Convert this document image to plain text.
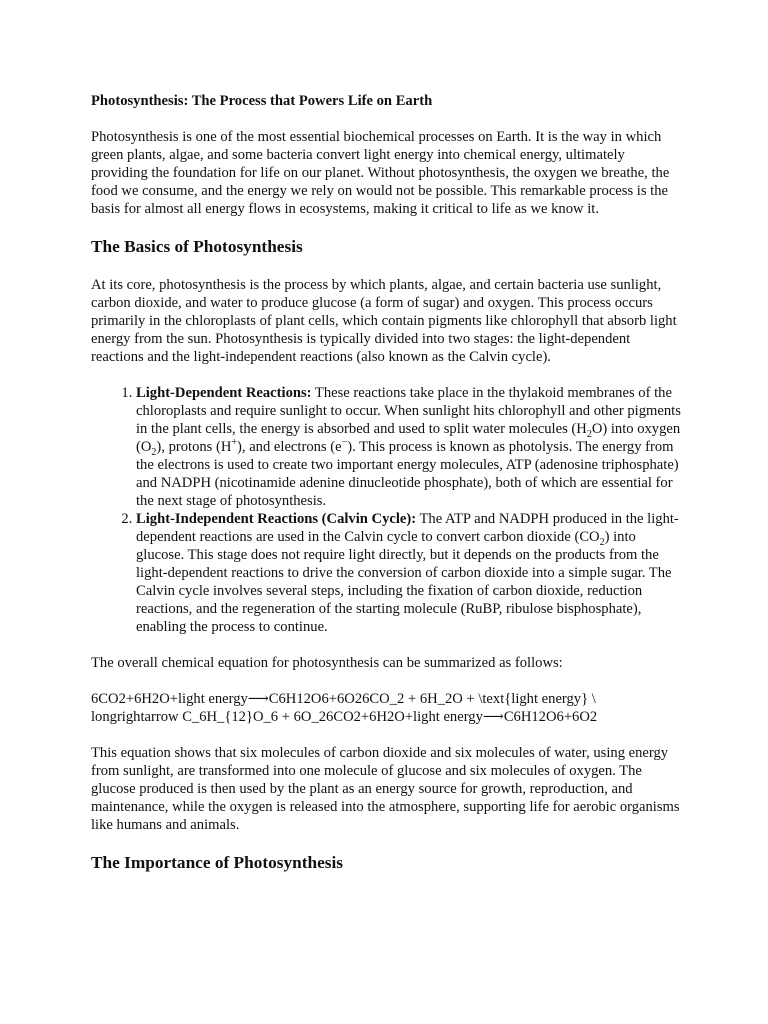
Photosynthesis: The Process that Powers Life on Earth

Photosynthesis is one of the most essential biochemical processes on Earth. It is the way in which green plants, algae, and some bacteria convert light energy into chemical energy, ultimately providing the foundation for life on our planet. Without photosynthesis, the oxygen we breathe, the food we consume, and the energy we rely on would not be possible. This remarkable process is the basis for almost all energy flows in ecosystems, making it critical to life as we know it.

The Basics of Photosynthesis

At its core, photosynthesis is the process by which plants, algae, and certain bacteria use sunlight, carbon dioxide, and water to produce glucose (a form of sugar) and oxygen. This process occurs primarily in the chloroplasts of plant cells, which contain pigments like chlorophyll that absorb light energy from the sun. Photosynthesis is typically divided into two stages: the light-dependent reactions and the light-independent reactions (also known as the Calvin cycle).

1. Light-Dependent Reactions: These reactions take place in the thylakoid membranes of the chloroplasts and require sunlight to occur. When sunlight hits chlorophyll and other pigments in the plant cells, the energy is absorbed and used to split water molecules $(H_2O)$ into oxygen $(O_2)$, protons (H+), and electrons (e−). This process is known as photolysis. The energy from the electrons is used to create two important energy molecules, ATP (adenosine triphosphate) and NADPH (nicotinamide adenine dinucleotide phosphate), both of which are essential for the next stage of photosynthesis.
2. Light-Independent Reactions (Calvin Cycle): The ATP and NADPH produced in the light-dependent reactions are used in the Calvin cycle to convert carbon dioxide $(CO_2)$ into glucose. This stage does not require light directly, but it depends on the products from the light-dependent reactions to drive the conversion of carbon dioxide into a simple sugar. The Calvin cycle involves several steps, including the fixation of carbon dioxide, reduction reactions, and the regeneration of the starting molecule (RuBP, ribulose bisphosphate), enabling the process to continue.

The overall chemical equation for photosynthesis can be summarized as follows:

6CO2+6H2O+light energy⟶C6H12O6+6O26CO_2 + 6H_2O + \text{light energy} \ longrightarrow C_6H_{12}O_6 + 6O_26CO2+6H2O+light energy⟶C6H12O6+6O2

This equation shows that six molecules of carbon dioxide and six molecules of water, using energy from sunlight, are transformed into one molecule of glucose and six molecules of oxygen. The glucose produced is then used by the plant as an energy source for growth, reproduction, and maintenance, while the oxygen is released into the atmosphere, supporting life for aerobic organisms like humans and animals.

The Importance of Photosynthesis
